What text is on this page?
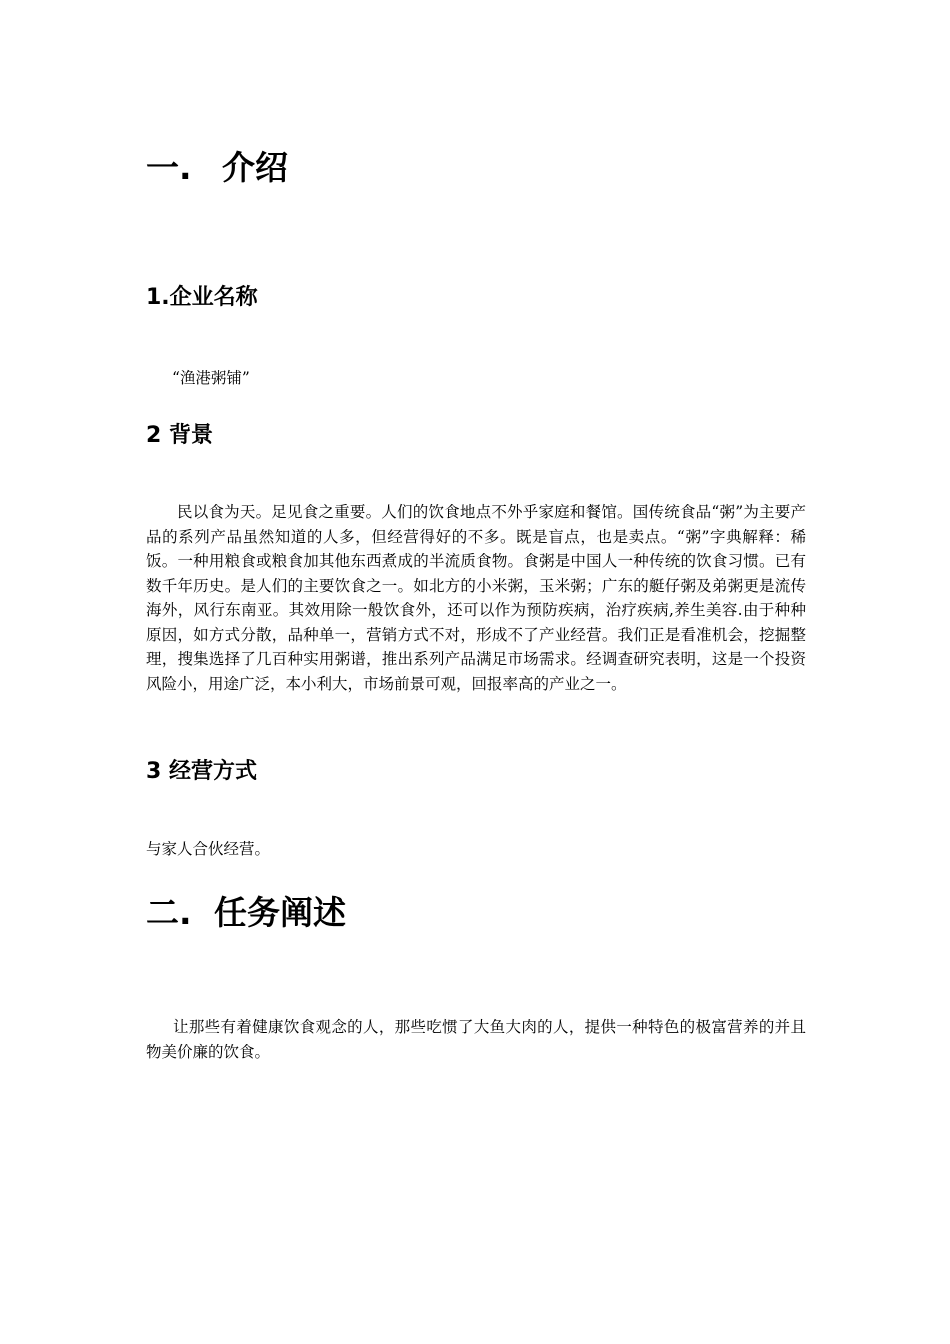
一. 介绍
1.企业名称

“渔港粥铺”

2 背景

民以食为天。足见食之重要。人们的饮食地点不外乎家庭和餐馆。国传统食品“粥”为主要产品的系列产品虽然知道的人多，但经营得好的不多。既是盲点，也是卖点。“粥”字典解释：稀饭。一种用粮食或粮食加其他东西煮成的半流质食物。食粥是中国人一种传统的饮食习惯。已有数千年历史。是人们的主要饮食之一。如北方的小米粥，玉米粥；广东的艇仔粥及弟粥更是流传海外，风行东南亚。其效用除一般饮食外，还可以作为预防疾病，治疗疾病,养生美容.由于种种原因，如方式分散，品种单一，营销方式不对，形成不了产业经营。我们正是看准机会，挖掘整理，搜集选择了几百种实用粥谱，推出系列产品满足市场需求。经调查研究表明，这是一个投资风险小，用途广泛，本小利大，市场前景可观，回报率高的产业之一。

3 经营方式

与家人合伙经营。

二. 任务阐述

让那些有着健康饮食观念的人，那些吃惯了大鱼大肉的人，提供一种特色的极富营养的并且物美价廉的饮食。
